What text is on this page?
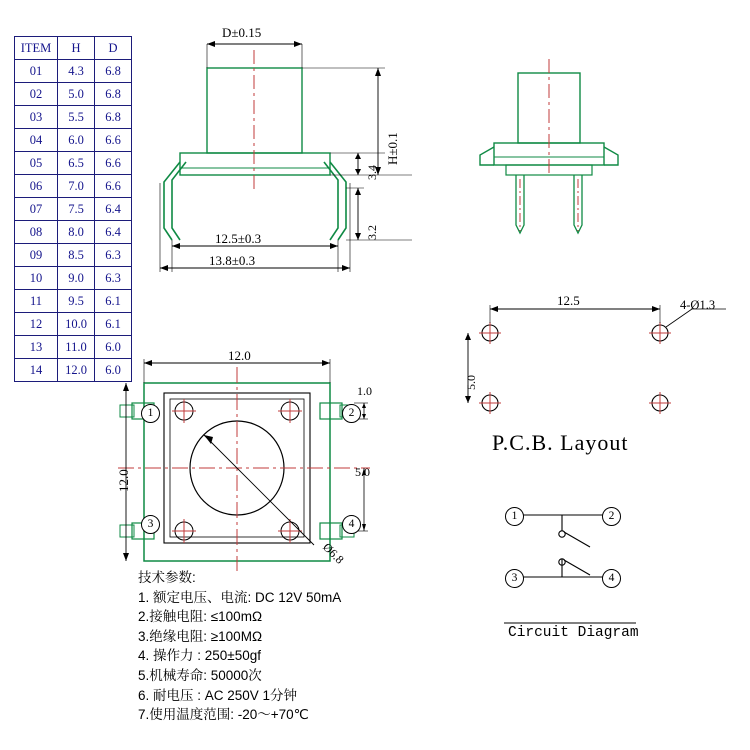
ITEM	H	D
01	4.3	6.8
02	5.0	6.8
03	5.5	6.8
04	6.0	6.6
05	6.5	6.6
06	7.0	6.6
07	7.5	6.4
08	8.0	6.4
09	8.5	6.3
10	9.0	6.3
11	9.5	6.1
12	10.0	6.1
13	11.0	6.0
14	12.0	6.0
D±0.15
H±0.1
3.4
3.2
12.5±0.3
13.8±0.3
12.0
12.0
1.0
5.0
Ø6.8
1	2
3	4
12.5
5.0
4-Ø1.3
P.C.B. Layout
1	2
3	4
Circuit Diagram
技术参数:
1. 额定电压、电流: DC 12V 50mA
2.接触电阻: ≤100mΩ
3.绝缘电阻: ≥100MΩ
4. 操作力 : 250±50gf
5.机械寿命: 50000次
6. 耐电压 : AC 250V 1分钟
7.使用温度范围: -20～+70℃
